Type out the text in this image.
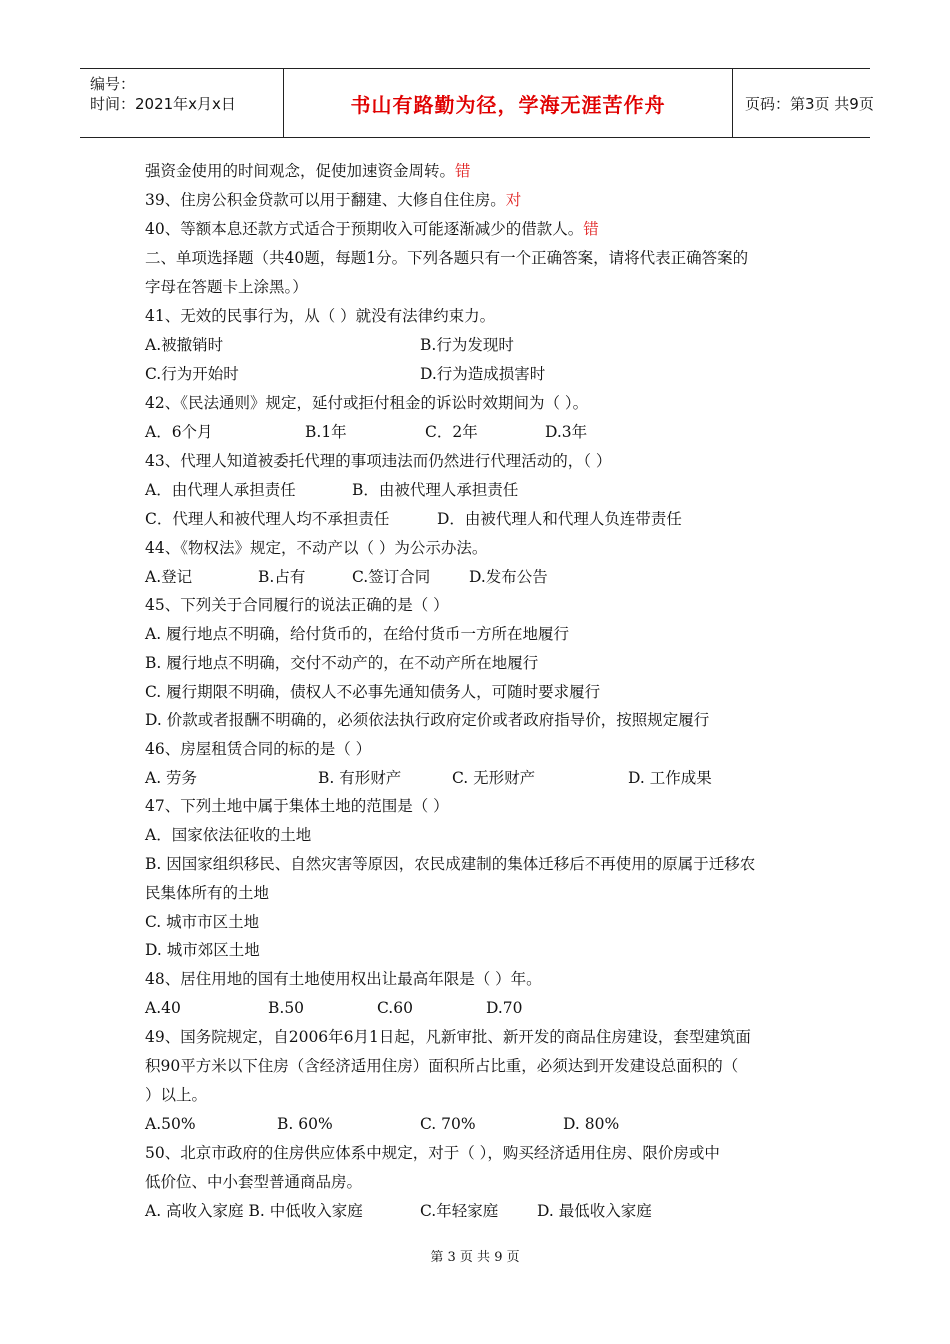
编号：
时间：2021年x月x日	书山有路勤为径，学海无涯苦作舟	页码：第3页 共9页
强资金使用的时间观念，促使加速资金周转。错
39、住房公积金贷款可以用于翻建、大修自住住房。对
40、等额本息还款方式适合于预期收入可能逐渐减少的借款人。错
二、单项选择题（共40题，每题1分。下列各题只有一个正确答案，请将代表正确答案的
字母在答题卡上涂黑。）
41、无效的民事行为，从（ ）就没有法律约束力。
A.被撤销时	B.行为发现时
C.行为开始时	D.行为造成损害时
42、《民法通则》规定，延付或拒付租金的诉讼时效期间为（ ）。
A．6个月	B.1年	C．2年	D.3年
43、代理人知道被委托代理的事项违法而仍然进行代理活动的，（ ）
A．由代理人承担责任	B．由被代理人承担责任
C．代理人和被代理人均不承担责任	D．由被代理人和代理人负连带责任
44、《物权法》规定，不动产以（ ）为公示办法。
A.登记	B.占有	C.签订合同	D.发布公告
45、下列关于合同履行的说法正确的是（ ）
A. 履行地点不明确，给付货币的，在给付货币一方所在地履行
B. 履行地点不明确，交付不动产的，在不动产所在地履行
C. 履行期限不明确，债权人不必事先通知债务人，可随时要求履行
D. 价款或者报酬不明确的，必须依法执行政府定价或者政府指导价，按照规定履行
46、房屋租赁合同的标的是（ ）
A. 劳务	B. 有形财产	C. 无形财产	D. 工作成果
47、下列土地中属于集体土地的范围是（ ）
A．国家依法征收的土地
B. 因国家组织移民、自然灾害等原因，农民成建制的集体迁移后不再使用的原属于迁移农
民集体所有的土地
C. 城市市区土地
D. 城市郊区土地
48、居住用地的国有土地使用权出让最高年限是（ ）年。
A.40	B.50	C.60	D.70
49、国务院规定，自2006年6月1日起，凡新审批、新开发的商品住房建设，套型建筑面
积90平方米以下住房（含经济适用住房）面积所占比重，必须达到开发建设总面积的（
）以上。
A.50%	B. 60%	C. 70%	D. 80%
50、北京市政府的住房供应体系中规定，对于（ ），购买经济适用住房、限价房或中
低价位、中小套型普通商品房。
A. 高收入家庭 B. 中低收入家庭	C.年轻家庭	D. 最低收入家庭
第 3 页 共 9 页
